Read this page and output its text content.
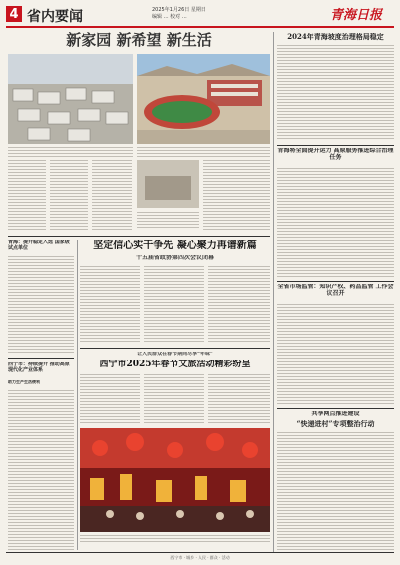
4 省内要闻	2025年1月26日 星期日
编辑 … 校对 …	青海日报
新家园 新希望 新生活	2024年青海坡度治理格局稳定
青海将全面提升运力 高原服务推进综合治理任务
全省市场监管：知识产权、药品监管 工作会议召开
共享网点推进建设
“快递进村”专项整治行动
青海：提升稳定入选 国家级试点单位
西宁市：持续提升 推动高原 现代化产业体系
助力生产生活便利
坚定信心实干争先 凝心聚力再谱新篇
十五届省政协第四次会议闭幕
让人民群众在春节期间尽享“年味”
西宁市2025年春节文旅活动精彩纷呈
西宁市 · 城乡 · 人民 · 群众 · 活动
